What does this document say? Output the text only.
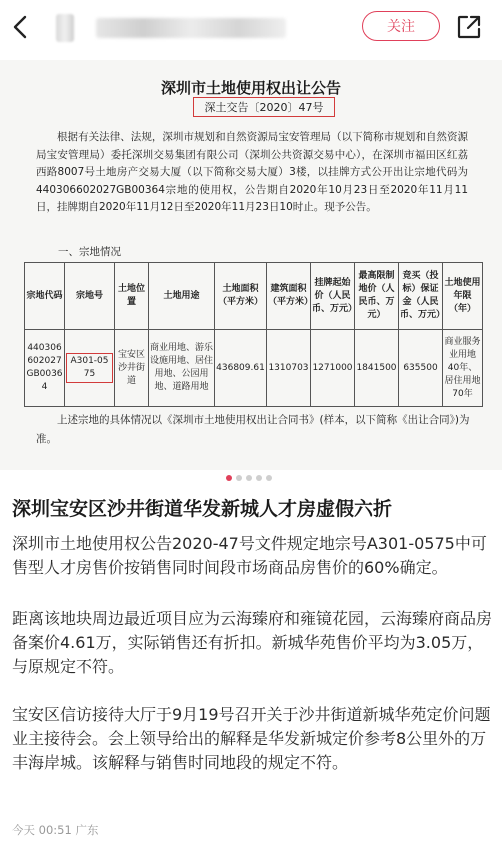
关注
深圳市土地使用权出让公告
深土交告〔2020〕47号
根据有关法律、法规，深圳市规划和自然资源局宝安管理局（以下简称市规划和自然资源局宝安管理局）委托深圳交易集团有限公司（深圳公共资源交易中心），在深圳市福田区红荔西路8007号土地房产交易大厦（以下简称交易大厦）3楼，以挂牌方式公开出让宗地代码为440306602027GB00364宗地的使用权，公告期自2020年10月23日至2020年11月11日，挂牌期自2020年11月12日至2020年11月23日10时止。现予公告。
一、宗地情况
宗地代码	宗地号	土地位置	土地用途	土地面积（平方米）	建筑面积（平方米）	挂牌起始价（人民币、万元）	最高限制地价（人民币、万元）	竞买（投标）保证金（人民币、万元）	土地使用年限（年）
440306602027GB00364	A301-0575	宝安区沙井街道	商业用地、游乐设施用地、居住用地、公园用地、道路用地	436809.61	1310703	1271000	1841500	635500	商业服务业用地40年、居住用地70年
上述宗地的具体情况以《深圳市土地使用权出让合同书》(样本，以下简称《出让合同》)为准。
深圳宝安区沙井街道华发新城人才房虚假六折
深圳市土地使用权公告2020-47号文件规定地宗号A301-0575中可售型人才房售价按销售同时间段市场商品房售价的60%确定。
距离该地块周边最近项目应为云海臻府和雍镜花园，云海臻府商品房备案价4.61万，实际销售还有折扣。新城华苑售价平均为3.05万，与原规定不符。
宝安区信访接待大厅于9月19号召开关于沙井街道新城华苑定价问题业主接待会。会上领导给出的解释是华发新城定价参考8公里外的万丰海岸城。该解释与销售时同地段的规定不符。
今天 00:51 广东
